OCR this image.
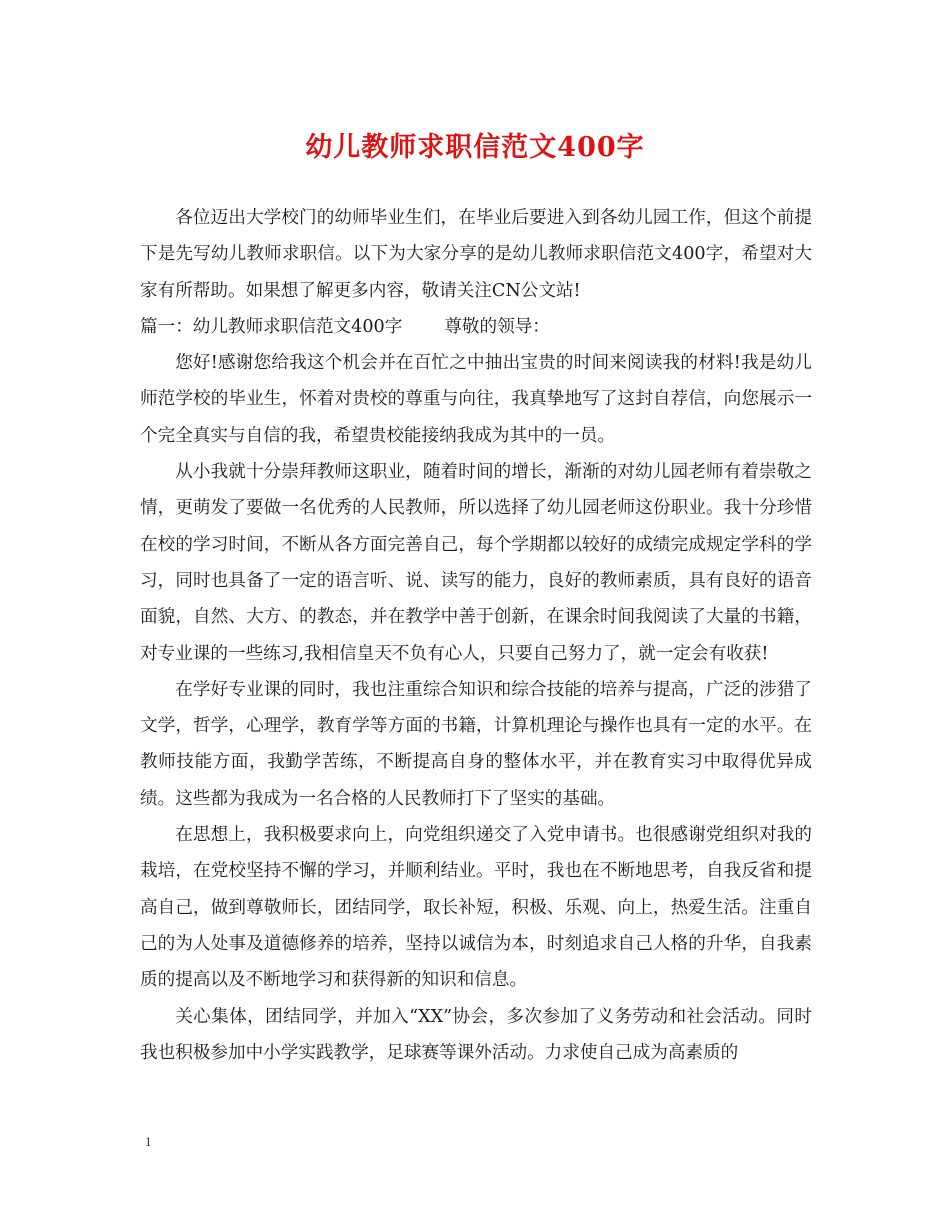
幼儿教师求职信范文400字

各位迈出大学校门的幼师毕业生们，在毕业后要进入到各幼儿园工作，但这个前提下是先写幼儿教师求职信。以下为大家分享的是幼儿教师求职信范文400字，希望对大家有所帮助。如果想了解更多内容，敬请关注CN公文站!

篇一：幼儿教师求职信范文400字 尊敬的领导：

您好!感谢您给我这个机会并在百忙之中抽出宝贵的时间来阅读我的材料!我是幼儿师范学校的毕业生，怀着对贵校的尊重与向往，我真挚地写了这封自荐信，向您展示一个完全真实与自信的我，希望贵校能接纳我成为其中的一员。

从小我就十分崇拜教师这职业，随着时间的增长，渐渐的对幼儿园老师有着崇敬之情，更萌发了要做一名优秀的人民教师，所以选择了幼儿园老师这份职业。我十分珍惜在校的学习时间，不断从各方面完善自己，每个学期都以较好的成绩完成规定学科的学习，同时也具备了一定的语言听、说、读写的能力，良好的教师素质，具有良好的语音面貌，自然、大方、的教态，并在教学中善于创新，在课余时间我阅读了大量的书籍，对专业课的一些练习,我相信皇天不负有心人，只要自己努力了，就一定会有收获!

在学好专业课的同时，我也注重综合知识和综合技能的培养与提高，广泛的涉猎了文学，哲学，心理学，教育学等方面的书籍，计算机理论与操作也具有一定的水平。在教师技能方面，我勤学苦练，不断提高自身的整体水平，并在教育实习中取得优异成绩。这些都为我成为一名合格的人民教师打下了坚实的基础。

在思想上，我积极要求向上，向党组织递交了入党申请书。也很感谢党组织对我的栽培，在党校坚持不懈的学习，并顺利结业。平时，我也在不断地思考，自我反省和提高自己，做到尊敬师长，团结同学，取长补短，积极、乐观、向上，热爱生活。注重自己的为人处事及道德修养的培养，坚持以诚信为本，时刻追求自己人格的升华，自我素质的提高以及不断地学习和获得新的知识和信息。

关心集体，团结同学，并加入“XX”协会，多次参加了义务劳动和社会活动。同时我也积极参加中小学实践教学，足球赛等课外活动。力求使自己成为高素质的

1
